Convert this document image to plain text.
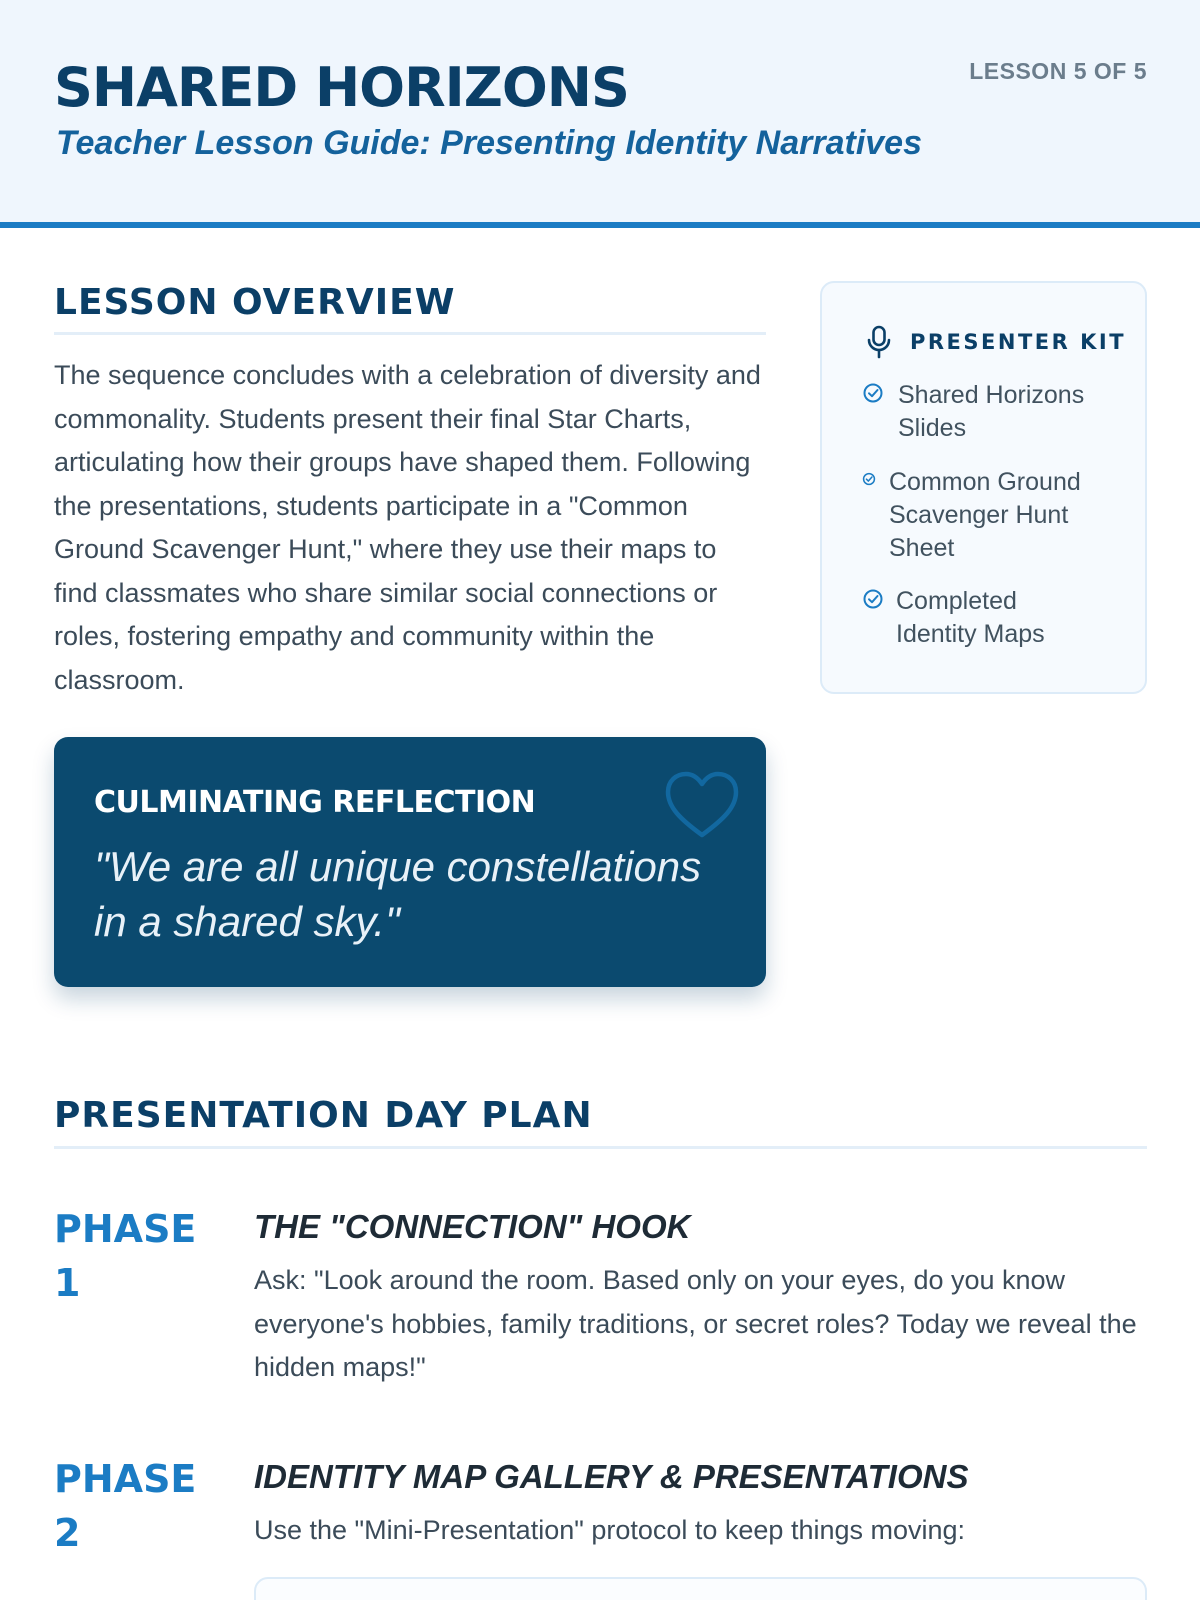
SHARED HORIZONS
Teacher Lesson Guide: Presenting Identity Narratives
LESSON 5 OF 5
LESSON OVERVIEW

The sequence concludes with a celebration of diversity and commonality. Students present their final Star Charts, articulating how their groups have shaped them. Following the presentations, students participate in a "Common Ground Scavenger Hunt," where they use their maps to find classmates who share similar social connections or roles, fostering empathy and community within the classroom.

PRESENTER KIT
Shared Horizons Slides
Common Ground Scavenger Hunt Sheet
Completed Identity Maps
CULMINATING REFLECTION
"We are all unique constellations in a shared sky."
PRESENTATION DAY PLAN
PHASE 1
THE "CONNECTION" HOOK

Ask: "Look around the room. Based only on your eyes, do you know everyone's hobbies, family traditions, or secret roles? Today we reveal the hidden maps!"

PHASE 2
IDENTITY MAP GALLERY & PRESENTATIONS

Use the "Mini-Presentation" protocol to keep things moving:
